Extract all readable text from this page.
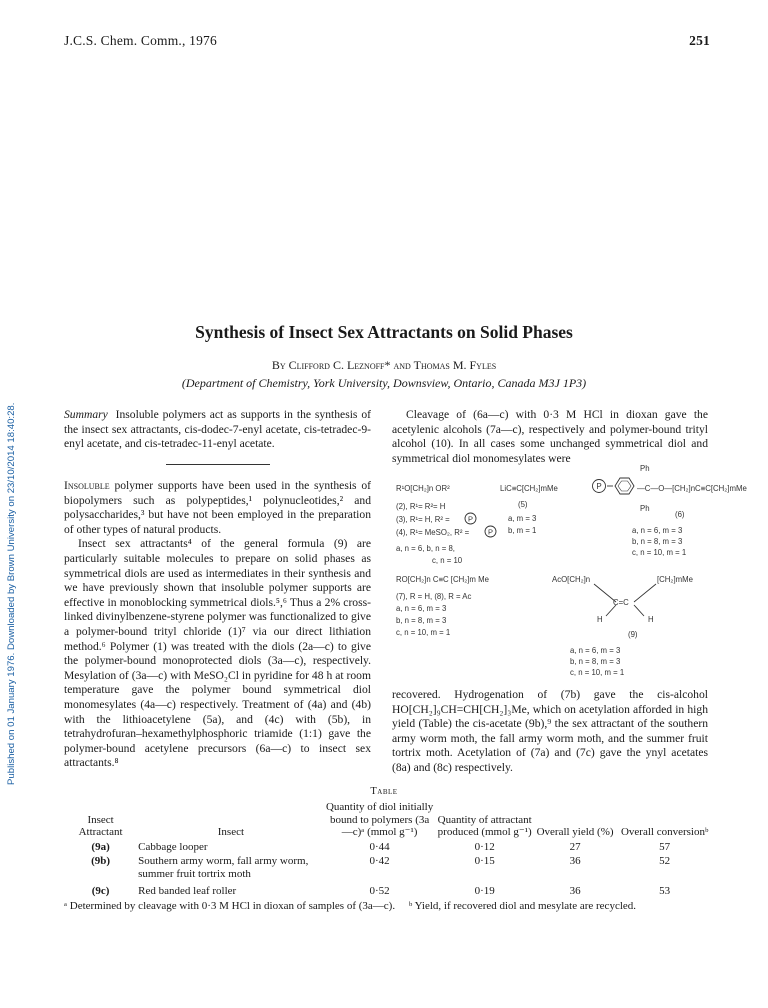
J.C.S. Chem. Comm., 1976	251
Published on 01 January 1976. Downloaded by Brown University on 23/10/2014 18:40:28.
Synthesis of Insect Sex Attractants on Solid Phases
By Clifford C. Leznoff* and Thomas M. Fyles
(Department of Chemistry, York University, Downsview, Ontario, Canada M3J 1P3)

Summary Insoluble polymers act as supports in the synthesis of the insect sex attractants, cis-dodec-7-enyl acetate, cis-tetradec-9-enyl acetate, and cis-tetradec-11-enyl acetate.

Insoluble polymer supports have been used in the synthesis of biopolymers such as polypeptides,¹ polynucleotides,² and polysaccharides,³ but have not been employed in the preparation of other types of natural products.

Insect sex attractants⁴ of the general formula (9) are particularly suitable molecules to prepare on solid phases as symmetrical diols are used as intermediates in their synthesis and we have previously shown that insoluble polymer supports are effective in monoblocking symmetrical diols.⁵,⁶ Thus a 2% cross-linked divinylbenzene-styrene polymer was functionalized to give a polymer-bound trityl chloride (1)⁷ via our direct lithiation method.⁶ Polymer (1) was treated with the diols (2a—c) to give the polymer-bound monoprotected diols (3a—c), respectively. Mesylation of (3a—c) with MeSO₂Cl in pyridine for 48 h at room temperature gave the polymer bound symmetrical diol monomesylates (4a—c) respectively. Treatment of (4a) and (4b) with the lithioacetylene (5a), and (4c) with (5b), in tetrahydrofuran–hexamethylphosphoric triamide (1:1) gave the polymer-bound acetylene precursors (6a—c) to insect sex attractants.⁸

Cleavage of (6a—c) with 0·3 M HCl in dioxan gave the acetylenic alcohols (7a—c), respectively and polymer-bound trityl alcohol (10). In all cases some unchanged symmetrical diol and symmetrical diol monomesylates were

R¹O[CH₂]n OR²
(2), R¹= R²= H
(3), R¹= H, R² = P
(4), R¹= MeSO₂, R² =	P
a, n = 6, b, n = 8,
c, n = 10
LiC≡C[CH₂]mMe
(5)
a, m = 3
b, m = 1
P	—C—O—[CH₂]nC≡C[CH₂]mMe
Ph
Ph
(6)
a, n = 6, m = 3
b, n = 8, m = 3
c, n = 10, m = 1
RO[CH₂]n C≡C [CH₂]m Me
(7), R = H, (8), R = Ac
a, n = 6, m = 3
b, n = 8, m = 3
c, n = 10, m = 1
AcO[CH₂]n	[CH₂]mMe
C=C
H	H
(9)
a, n = 6, m = 3
b, n = 8, m = 3
c, n = 10, m = 1

recovered. Hydrogenation of (7b) gave the cis-alcohol HO[CH₂]₉CH=CH[CH₂]₃Me, which on acetylation afforded in high yield (Table) the cis-acetate (9b),⁹ the sex attractant of the southern army worm moth, the fall army worm moth, and the summer fruit tortrix moth. Acetylation of (7a) and (7c) gave the ynyl acetates (8a) and (8c) respectively.

Table
Insect Attractant	Insect	Quantity of diol initially bound to polymers (3a—c)ᵃ (mmol g⁻¹)	Quantity of attractant produced (mmol g⁻¹)	Overall yield (%)	Overall conversionᵇ
(9a)	Cabbage looper	0·44	0·12	27	57
(9b)	Southern army worm, fall army worm, summer fruit tortrix moth	0·42	0·15	36	52
(9c)	Red banded leaf roller	0·52	0·19	36	53
ᵃ Determined by cleavage with 0·3 M HCl in dioxan of samples of (3a—c). ᵇ Yield, if recovered diol and mesylate are recycled.
